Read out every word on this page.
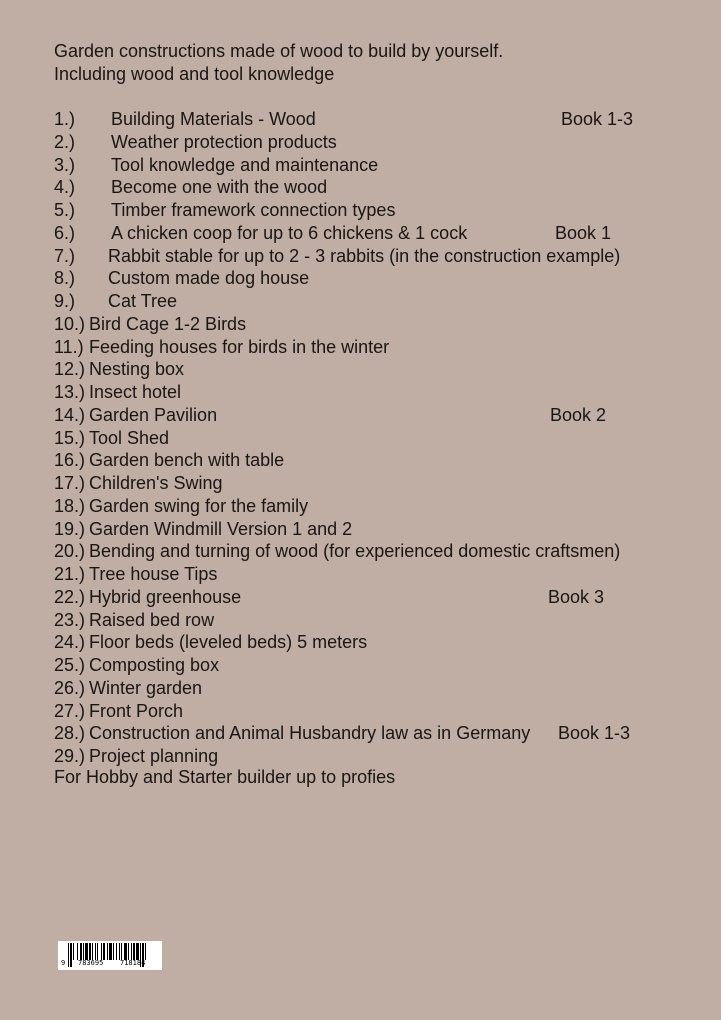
Garden constructions made of wood to build by yourself.
Including wood and tool knowledge
1.) Building Materials - Wood	Book 1-3
2.) Weather protection products
3.) Tool knowledge and maintenance
4.) Become one with the wood
5.) Timber framework connection types
6.) A chicken coop for up to 6 chickens & 1 cock	Book 1
7.) Rabbit stable for up to 2 - 3 rabbits (in the construction example)
8.) Custom made dog house
9.) Cat Tree
10.) Bird Cage 1-2 Birds
11.) Feeding houses for birds in the winter
12.) Nesting box
13.) Insect hotel
14.) Garden Pavilion	Book 2
15.) Tool Shed
16.) Garden bench with table
17.) Children's Swing
18.) Garden swing for the family
19.) Garden Windmill Version 1 and 2
20.) Bending and turning of wood (for experienced domestic craftsmen)
21.) Tree house Tips
22.) Hybrid greenhouse	Book 3
23.) Raised bed row
24.) Floor beds (leveled beds) 5 meters
25.) Composting box
26.) Winter garden
27.) Front Porch
28.) Construction and Animal Husbandry law as in Germany Book 1-3
29.) Project planning
For Hobby and Starter builder up to profies
9 783695 718184
